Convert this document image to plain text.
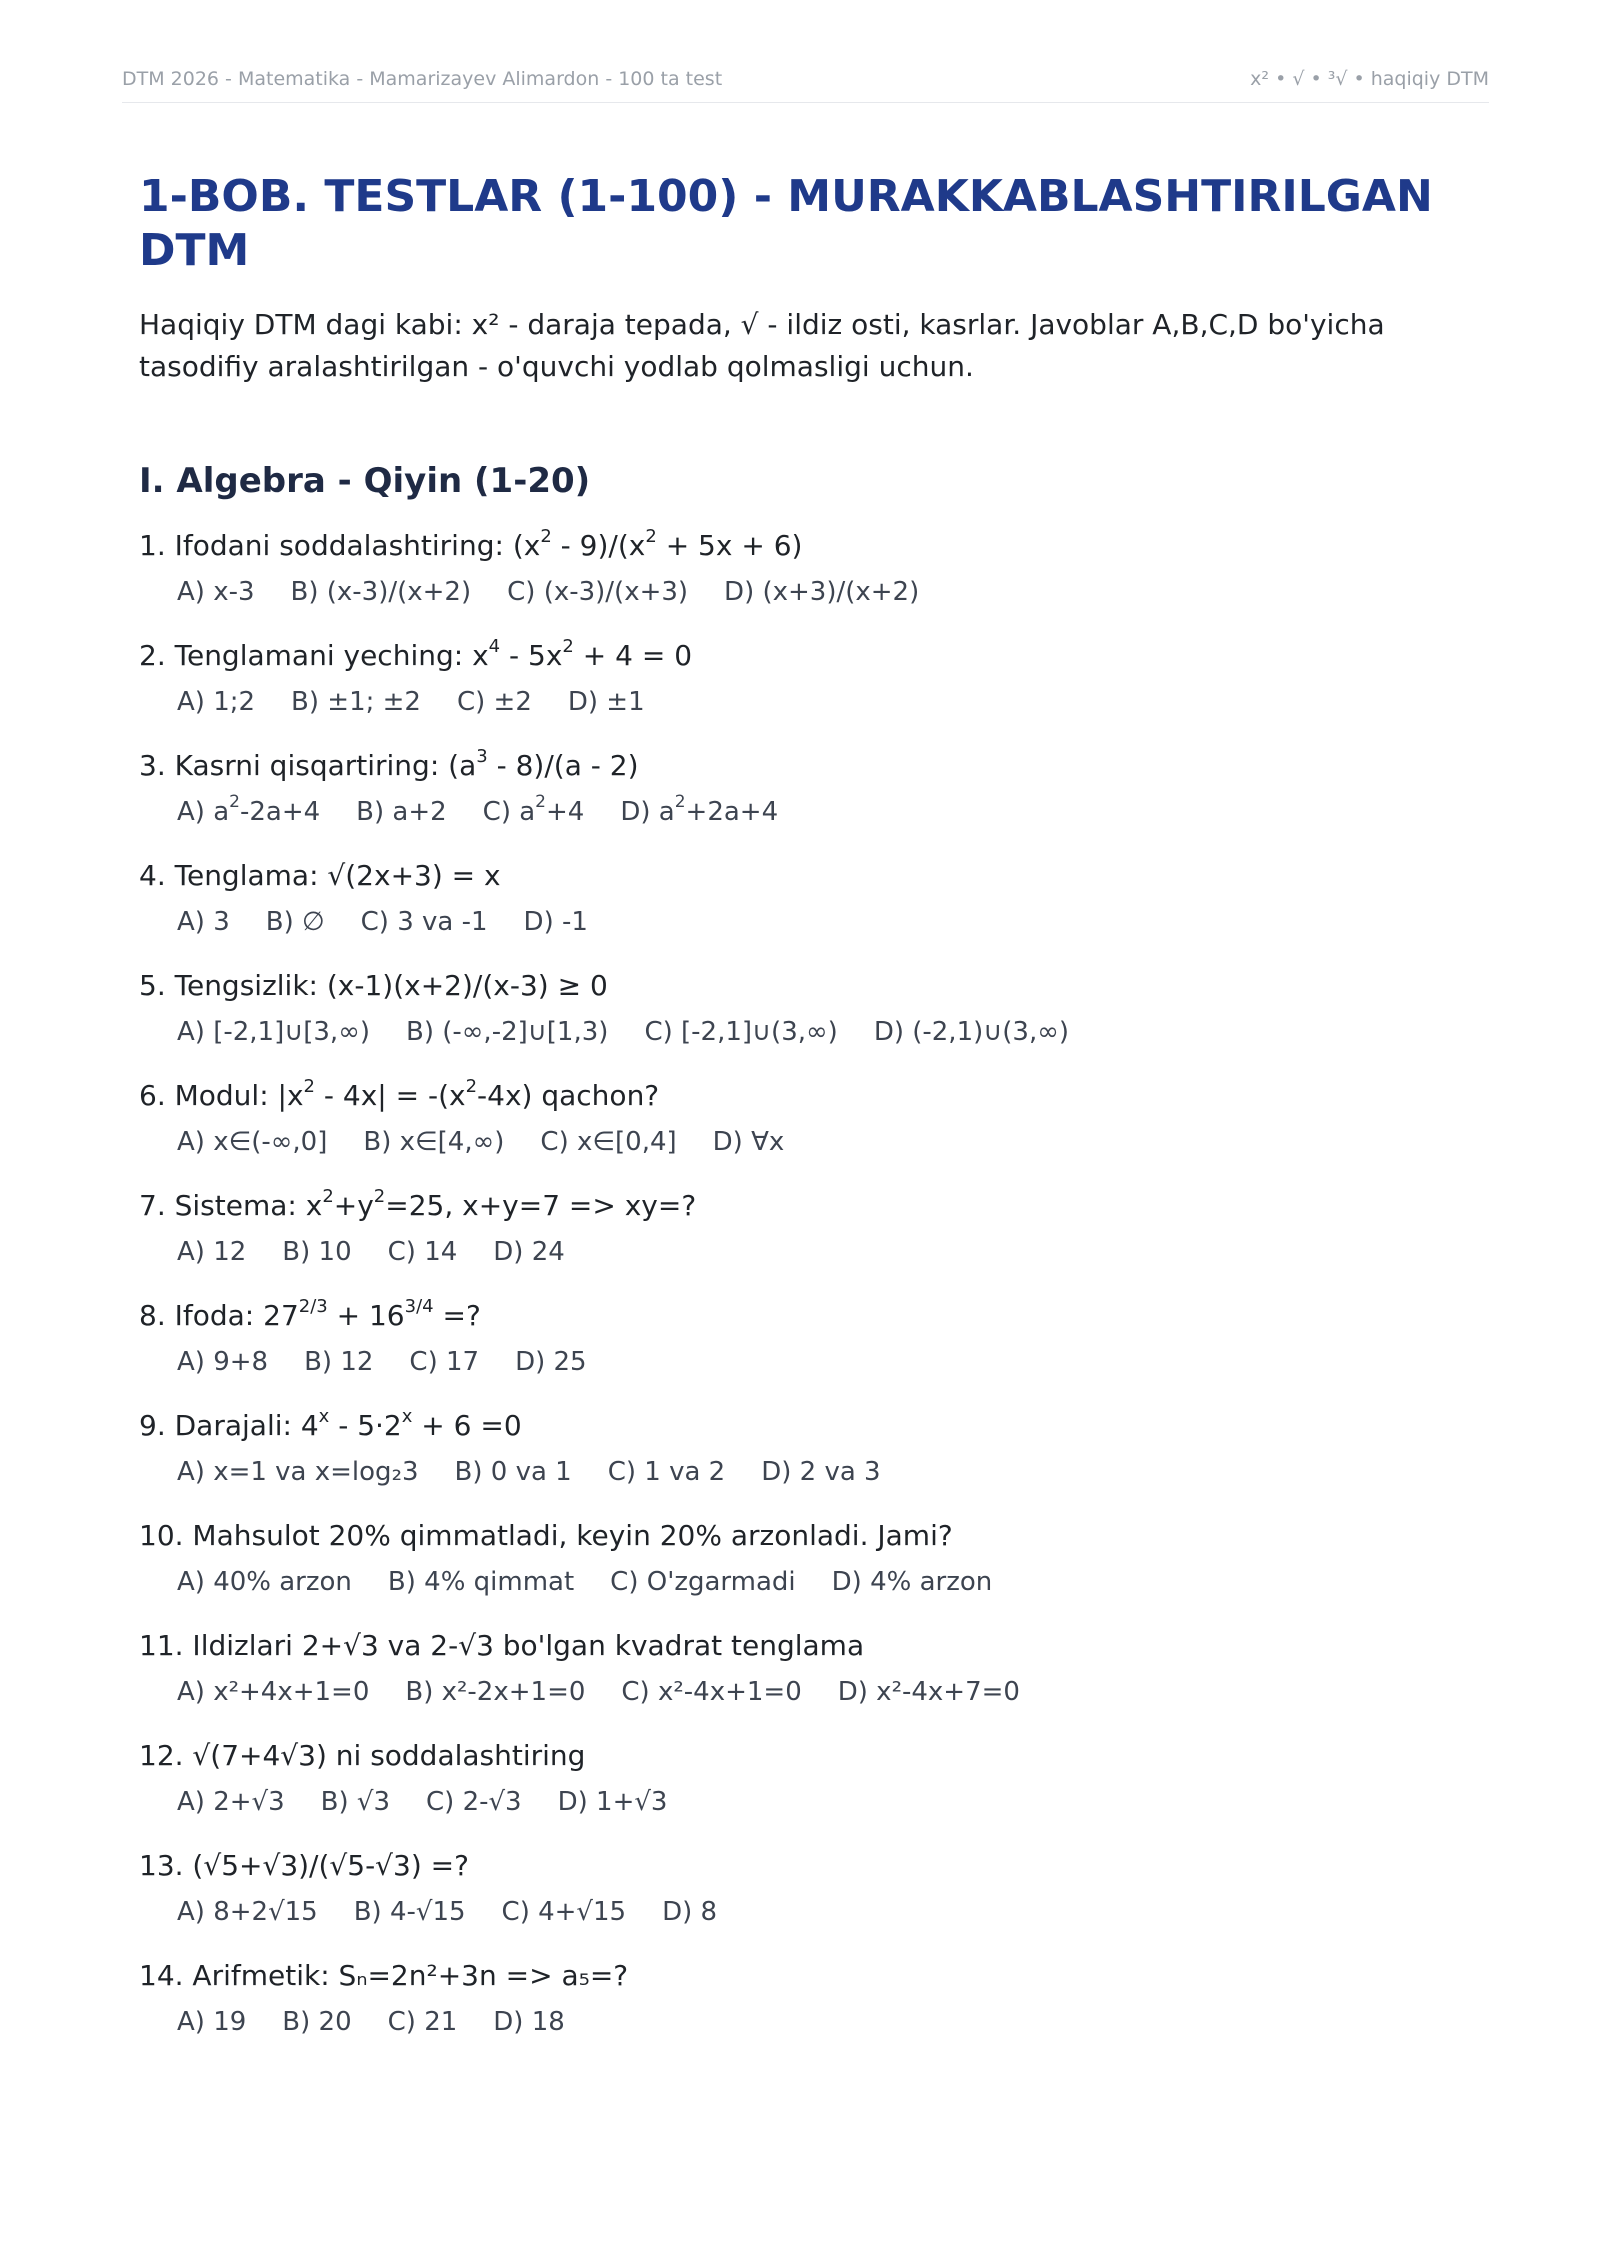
DTM 2026 - Matematika - Mamarizayev Alimardon - 100 ta test	x² • √ • ³√ • haqiqiy DTM
1-BOB. TESTLAR (1-100) - MURAKKABLASHTIRILGAN DTM

Haqiqiy DTM dagi kabi: x² - daraja tepada, √ - ildiz osti, kasrlar. Javoblar A,B,C,D bo'yicha tasodifiy aralashtirilgan - o'quvchi yodlab qolmasligi uchun.

I. Algebra - Qiyin (1-20)
1. Ifodani soddalashtiring: $(x^2 - 9)/(x^2 + 5x + 6)$
A) x-3 B) (x-3)/(x+2) C) (x-3)/(x+3) D) (x+3)/(x+2)
2. Tenglamani yeching: $x^4 - 5x^2 + 4 = 0$
A) 1;2 B) ±1; ±2 C) ±2 D) ±1
3. Kasrni qisqartiring: $(a^3 - 8)/(a - 2)$
A) $a^2-2a+4$ B) a+2 C) $a^2+4$ D) $a^2+2a+4$
4. Tenglama: √(2x+3) = x
A) 3 B) ∅ C) 3 va -1 D) -1
5. Tengsizlik: (x-1)(x+2)/(x-3) ≥ 0
A) [-2,1]∪[3,∞) B) (-∞,-2]∪[1,3) C) [-2,1]∪(3,∞) D) (-2,1)∪(3,∞)
6. Modul: $|x^2 - 4x| = -(x^2-4x)$ qachon?
A) x∈(-∞,0] B) x∈[4,∞) C) x∈[0,4] D) ∀x
7. Sistema: $x^2+y^2=25$, x+y=7 => xy=?
A) 12 B) 10 C) 14 D) 24
8. Ifoda: $27^{2/3} + 16^{3/4}$ =?
A) 9+8 B) 12 C) 17 D) 25
9. Darajali: $4^x - 5\cdot 2^x + 6 =0$
A) x=1 va x=log₂3 B) 0 va 1 C) 1 va 2 D) 2 va 3
10. Mahsulot 20% qimmatladi, keyin 20% arzonladi. Jami?
A) 40% arzon B) 4% qimmat C) O'zgarmadi D) 4% arzon
11. Ildizlari 2+√3 va 2-√3 bo'lgan kvadrat tenglama
A) x²+4x+1=0 B) x²-2x+1=0 C) x²-4x+1=0 D) x²-4x+7=0
12. √(7+4√3) ni soddalashtiring
A) 2+√3 B) √3 C) 2-√3 D) 1+√3
13. (√5+√3)/(√5-√3) =?
A) 8+2√15 B) 4-√15 C) 4+√15 D) 8
14. Arifmetik: Sₙ=2n²+3n => a₅=?
A) 19 B) 20 C) 21 D) 18
